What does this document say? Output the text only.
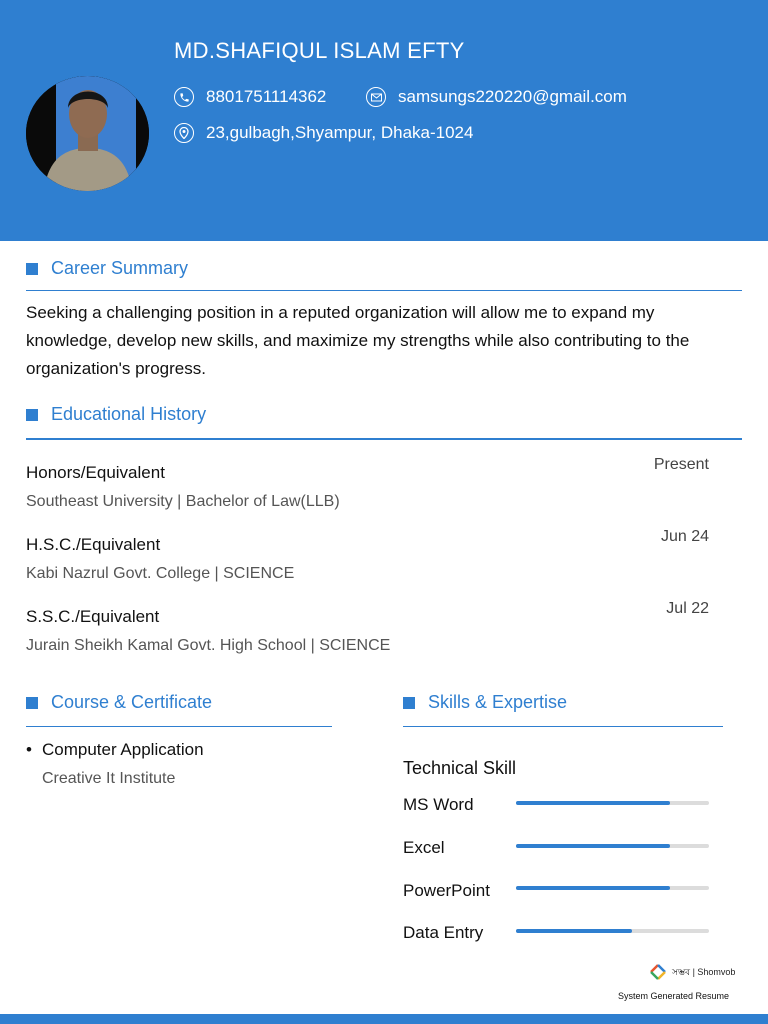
MD.SHAFIQUL ISLAM EFTY
8801751114362	samsungs220220@gmail.com
23,gulbagh,Shyampur, Dhaka-1024
Career Summary
Seeking a challenging position in a reputed organization will allow me to expand my knowledge, develop new skills, and maximize my strengths while also contributing to the organization's progress.
Educational History
Honors/Equivalent	Present
Southeast University | Bachelor of Law(LLB)
H.S.C./Equivalent	Jun 24
Kabi Nazrul Govt. College | SCIENCE
S.S.C./Equivalent	Jul 22
Jurain Sheikh Kamal Govt. High School | SCIENCE
Course & Certificate
• Computer Application
Creative It Institute
Skills & Expertise
Technical Skill
MS Word
Excel
PowerPoint
Data Entry
সম্ভব | Shomvob
System Generated Resume
